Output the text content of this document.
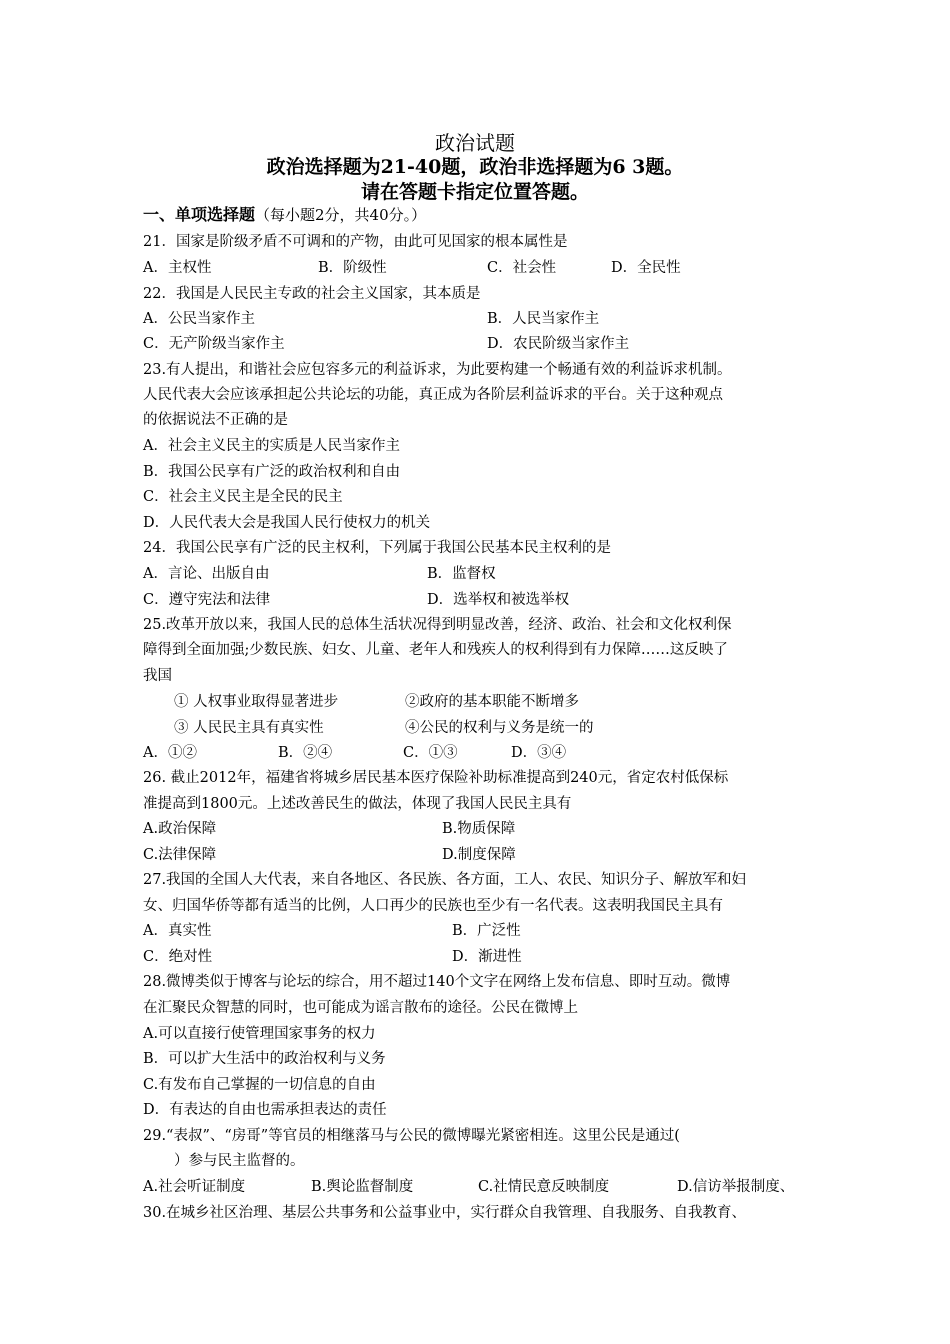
政治试题
政治选择题为21-40题，政治非选择题为6 3题。
请在答题卡指定位置答题。
一、单项选择题（每小题2分，共40分。）
21．国家是阶级矛盾不可调和的产物，由此可见国家的根本属性是
A．主权性	B．阶级性	C．社会性	D．全民性
22．我国是人民民主专政的社会主义国家，其本质是
A．公民当家作主	B．人民当家作主
C．无产阶级当家作主	D．农民阶级当家作主
23.有人提出，和谐社会应包容多元的利益诉求，为此要构建一个畅通有效的利益诉求机制。
人民代表大会应该承担起公共论坛的功能，真正成为各阶层利益诉求的平台。关于这种观点
的依据说法不正确的是
A．社会主义民主的实质是人民当家作主
B．我国公民享有广泛的政治权利和自由
C．社会主义民主是全民的民主
D．人民代表大会是我国人民行使权力的机关
24．我国公民享有广泛的民主权利，下列属于我国公民基本民主权利的是
A．言论、出版自由	B．监督权
C．遵守宪法和法律	D．选举权和被选举权
25.改革开放以来，我国人民的总体生活状况得到明显改善，经济、政治、社会和文化权利保
障得到全面加强;少数民族、妇女、儿童、老年人和残疾人的权利得到有力保障……这反映了
我国
① 人权事业取得显著进步	②政府的基本职能不断增多
③ 人民民主具有真实性	④公民的权利与义务是统一的
A．①②	B．②④	C．①③	D．③④
26. 截止2012年，福建省将城乡居民基本医疗保险补助标准提高到240元，省定农村低保标
准提高到1800元。上述改善民生的做法，体现了我国人民民主具有
A.政治保障	B.物质保障
C.法律保障	D.制度保障
27.我国的全国人大代表，来自各地区、各民族、各方面，工人、农民、知识分子、解放军和妇
女、归国华侨等都有适当的比例，人口再少的民族也至少有一名代表。这表明我国民主具有
A．真实性	B．广泛性
C．绝对性	D．渐进性
28.微博类似于博客与论坛的综合，用不超过140个文字在网络上发布信息、即时互动。微博
在汇聚民众智慧的同时，也可能成为谣言散布的途径。公民在微博上
A.可以直接行使管理国家事务的权力
B．可以扩大生活中的政治权利与义务
C.有发布自己掌握的一切信息的自由
D．有表达的自由也需承担表达的责任
29.“表叔”、“房哥”等官员的相继落马与公民的微博曝光紧密相连。这里公民是通过(
）参与民主监督的。
A.社会听证制度	B.舆论监督制度	C.社情民意反映制度	D.信访举报制度、
30.在城乡社区治理、基层公共事务和公益事业中，实行群众自我管理、自我服务、自我教育、
